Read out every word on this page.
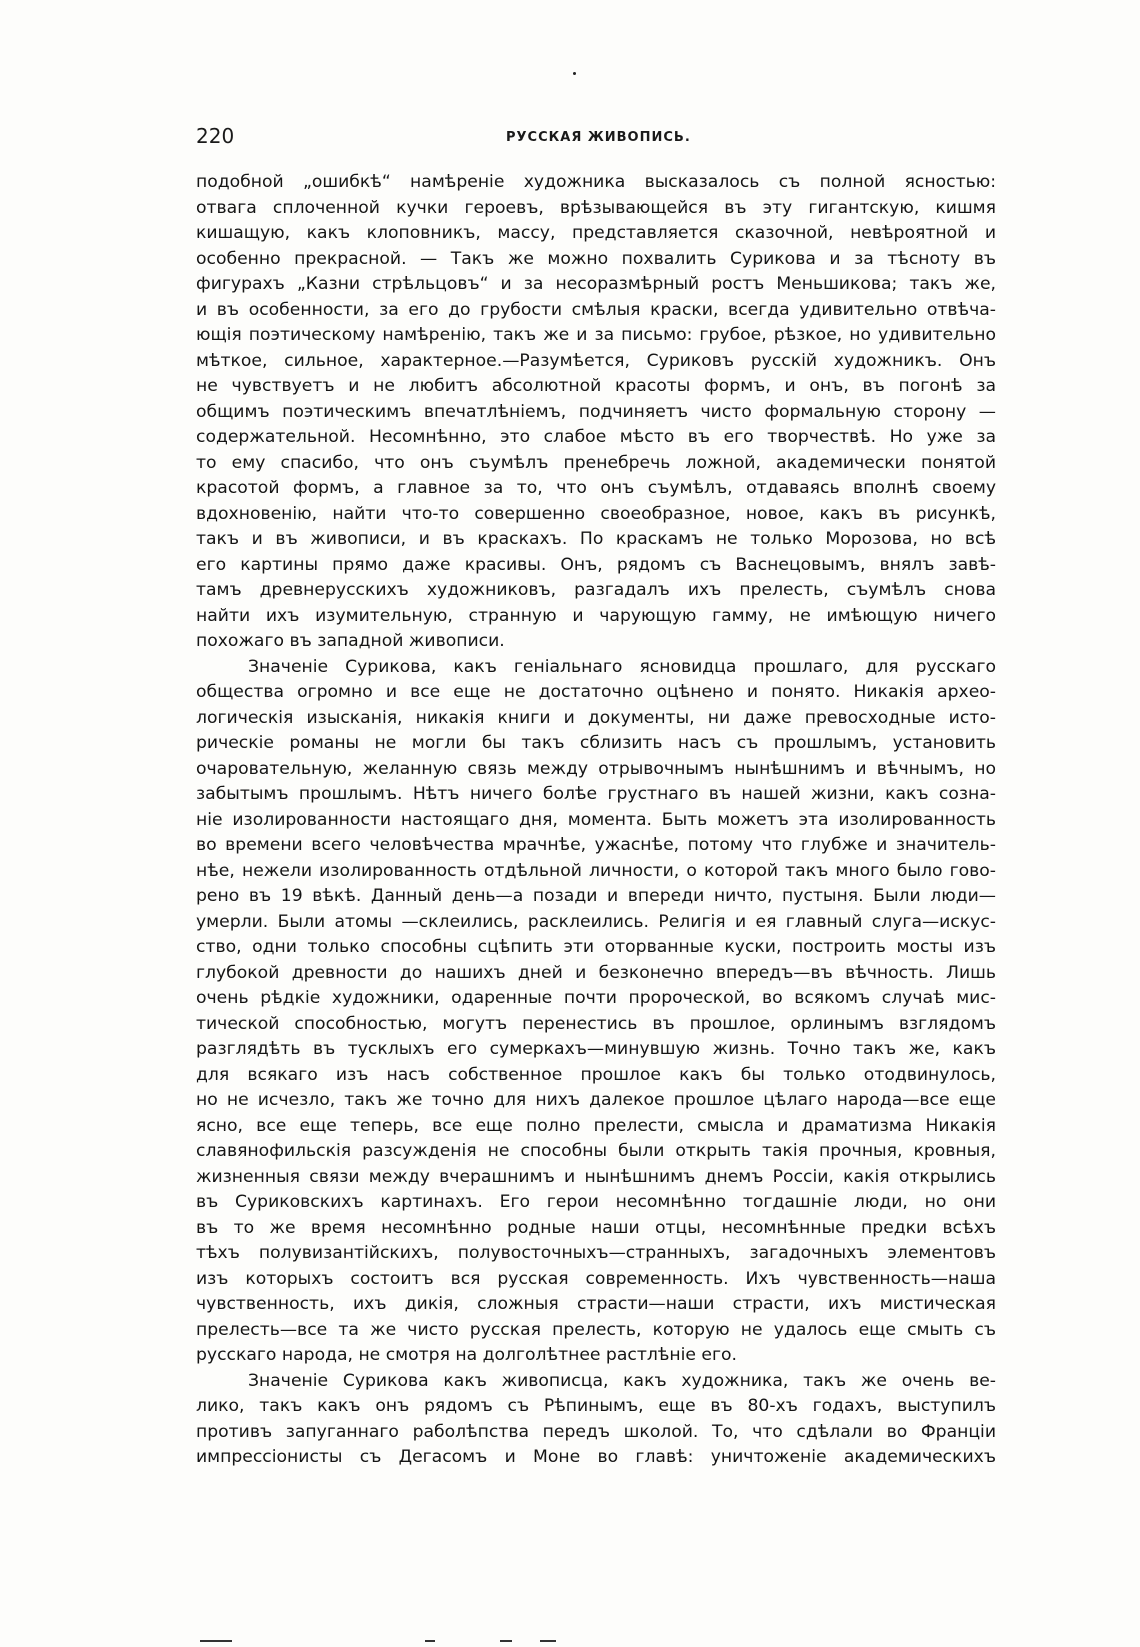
220	РУССКАЯ ЖИВОПИСЬ.
подобной „ошибкѣ“ намѣреніе художника высказалось съ полной ясностью:
отвага сплоченной кучки героевъ, врѣзывающейся въ эту гигантскую, кишмя
кишащую, какъ клоповникъ, массу, представляется сказочной, невѣроятной и
особенно прекрасной. — Такъ же можно похвалить Сурикова и за тѣсноту въ
фигурахъ „Казни стрѣльцовъ“ и за несоразмѣрный ростъ Меньшикова; такъ же,
и въ особенности, за его до грубости смѣлыя краски, всегда удивительно отвѣча-
ющія поэтическому намѣренію, такъ же и за письмо: грубое, рѣзкое, но удивительно
мѣткое, сильное, характерное.—Разумѣется, Суриковъ русскій художникъ. Онъ
не чувствуетъ и не любитъ абсолютной красоты формъ, и онъ, въ погонѣ за
общимъ поэтическимъ впечатлѣніемъ, подчиняетъ чисто формальную сторону —
содержательной. Несомнѣнно, это слабое мѣсто въ его творчествѣ. Но уже за
то ему спасибо, что онъ съумѣлъ пренебречь ложной, академически понятой
красотой формъ, а главное за то, что онъ съумѣлъ, отдаваясь вполнѣ своему
вдохновенію, найти что-то совершенно своеобразное, новое, какъ въ рисункѣ,
такъ и въ живописи, и въ краскахъ. По краскамъ не только Морозова, но всѣ
его картины прямо даже красивы. Онъ, рядомъ съ Васнецовымъ, внялъ завѣ-
тамъ древнерусскихъ художниковъ, разгадалъ ихъ прелесть, съумѣлъ снова
найти ихъ изумительную, странную и чарующую гамму, не имѣющую ничего
похожаго въ западной живописи.
Значеніе Сурикова, какъ геніальнаго ясновидца прошлаго, для русскаго
общества огромно и все еще не достаточно оцѣнено и понято. Никакія архео-
логическія изысканія, никакія книги и документы, ни даже превосходные исто-
рическіе романы не могли бы такъ сблизить насъ съ прошлымъ, установить
очаровательную, желанную связь между отрывочнымъ нынѣшнимъ и вѣчнымъ, но
забытымъ прошлымъ. Нѣтъ ничего болѣе грустнаго въ нашей жизни, какъ созна-
ніе изолированности настоящаго дня, момента. Быть можетъ эта изолированность
во времени всего человѣчества мрачнѣе, ужаснѣе, потому что глубже и значитель-
нѣе, нежели изолированность отдѣльной личности, о которой такъ много было гово-
рено въ 19 вѣкѣ. Данный день—а позади и впереди ничто, пустыня. Были люди—
умерли. Были атомы —склеились, расклеились. Религія и ея главный слуга—искус-
ство, одни только способны сцѣпить эти оторванные куски, построить мосты изъ
глубокой древности до нашихъ дней и безконечно впередъ—въ вѣчность. Лишь
очень рѣдкіе художники, одаренные почти пророческой, во всякомъ случаѣ мис-
тической способностью, могутъ перенестись въ прошлое, орлинымъ взглядомъ
разглядѣть въ тусклыхъ его сумеркахъ—минувшую жизнь. Точно такъ же, какъ
для всякаго изъ насъ собственное прошлое какъ бы только отодвинулось,
но не исчезло, такъ же точно для нихъ далекое прошлое цѣлаго народа—все еще
ясно, все еще теперь, все еще полно прелести, смысла и драматизма Никакія
славянофильскія разсужденія не способны были открыть такія прочныя, кровныя,
жизненныя связи между вчерашнимъ и нынѣшнимъ днемъ Россіи, какія открылись
въ Суриковскихъ картинахъ. Его герои несомнѣнно тогдашніе люди, но они
въ то же время несомнѣнно родные наши отцы, несомнѣнные предки всѣхъ
тѣхъ полувизантійскихъ, полувосточныхъ—странныхъ, загадочныхъ элементовъ
изъ которыхъ состоитъ вся русская современность. Ихъ чувственность—наша
чувственность, ихъ дикія, сложныя страсти—наши страсти, ихъ мистическая
прелесть—все та же чисто русская прелесть, которую не удалось еще смыть съ
русскаго народа, не смотря на долголѣтнее растлѣніе его.
Значеніе Сурикова какъ живописца, какъ художника, такъ же очень ве-
лико, такъ какъ онъ рядомъ съ Рѣпинымъ, еще въ 80-хъ годахъ, выступилъ
противъ запуганнаго раболѣпства передъ школой. То, что сдѣлали во Франціи
импрессіонисты съ Дегасомъ и Моне во главѣ: уничтоженіе академическихъ
